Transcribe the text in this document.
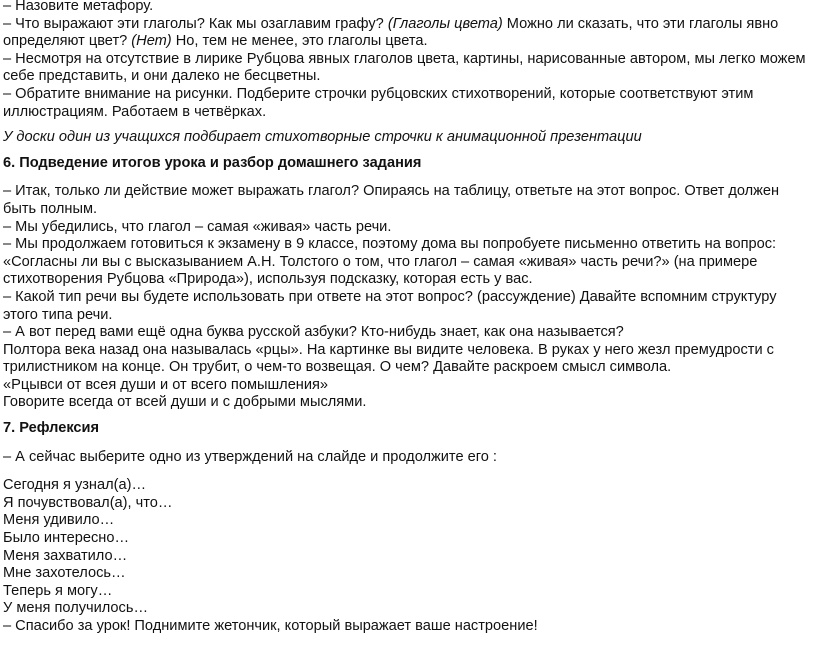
– Назовите метафору.

– Что выражают эти глаголы? Как мы озаглавим графу? (Глаголы цвета) Можно ли сказать, что эти глаголы явно определяют цвет? (Нет) Но, тем не менее, это глаголы цвета.

– Несмотря на отсутствие в лирике Рубцова явных глаголов цвета, картины, нарисованные автором, мы легко можем себе представить, и они далеко не бесцветны.

– Обратите внимание на рисунки. Подберите строчки рубцовских стихотворений, которые соответствуют этим иллюстрациям. Работаем в четвёрках.

У доски один из учащихся подбирает стихотворные строчки к анимационной презентации

6. Подведение итогов урока и разбор домашнего задания

– Итак, только ли действие может выражать глагол? Опираясь на таблицу, ответьте на этот вопрос. Ответ должен быть полным.

– Мы убедились, что глагол – самая «живая» часть речи.

– Мы продолжаем готовиться к экзамену в 9 классе, поэтому дома вы попробуете письменно ответить на вопрос: «Согласны ли вы с высказыванием А.Н. Толстого о том, что глагол – самая «живая» часть речи?» (на примере стихотворения Рубцова «Природа»), используя подсказку, которая есть у вас.

– Какой тип речи вы будете использовать при ответе на этот вопрос? (рассуждение) Давайте вспомним структуру этого типа речи.

– А вот перед вами ещё одна буква русской азбуки? Кто-нибудь знает, как она называется?

Полтора века назад она называлась «рцы». На картинке вы видите человека. В руках у него жезл премудрости с трилистником на конце. Он трубит, о чем-то возвещая. О чем? Давайте раскроем смысл символа.

«Рцывси от всея души и от всего помышления»

Говорите всегда от всей души и с добрыми мыслями.

7. Рефлексия

– А сейчас выберите одно из утверждений на слайде и продолжите его :

Сегодня я узнал(а)…

Я почувствовал(а), что…

Меня удивило…

Было интересно…

Меня захватило…

Мне захотелось…

Теперь я могу…

У меня получилось…

– Спасибо за урок! Поднимите жетончик, который выражает ваше настроение!
